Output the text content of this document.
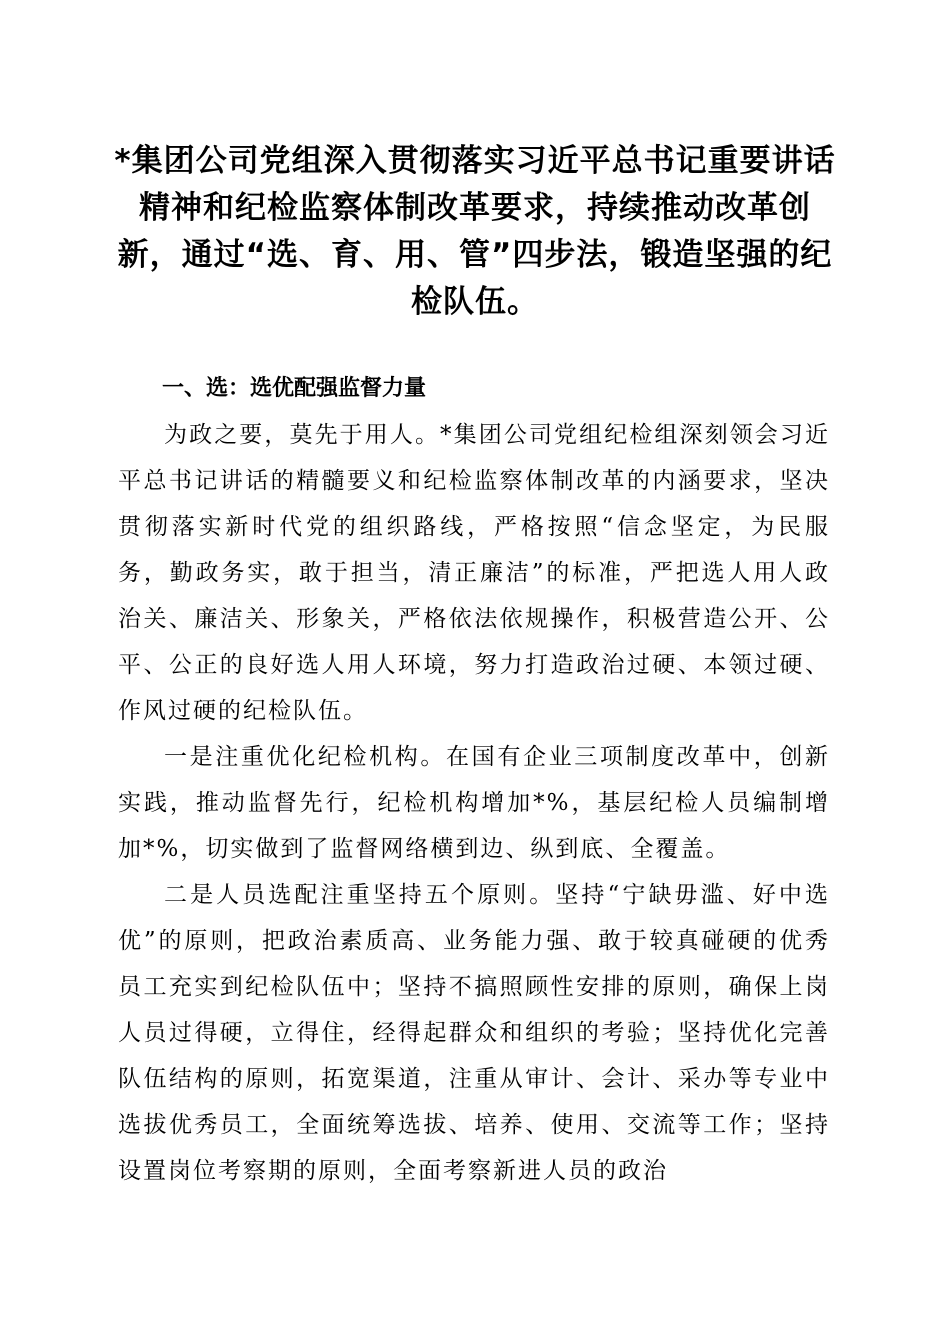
*集团公司党组深入贯彻落实习近平总书记重要讲话精神和纪检监察体制改革要求，持续推动改革创新，通过“选、育、用、管”四步法，锻造坚强的纪检队伍。

一、选：选优配强监督力量

为政之要，莫先于用人。*集团公司党组纪检组深刻领会习近平总书记讲话的精髓要义和纪检监察体制改革的内涵要求，坚决贯彻落实新时代党的组织路线，严格按照“信念坚定，为民服务，勤政务实，敢于担当，清正廉洁”的标准，严把选人用人政治关、廉洁关、形象关，严格依法依规操作，积极营造公开、公平、公正的良好选人用人环境，努力打造政治过硬、本领过硬、作风过硬的纪检队伍。

一是注重优化纪检机构。在国有企业三项制度改革中，创新实践，推动监督先行，纪检机构增加*%，基层纪检人员编制增加*%，切实做到了监督网络横到边、纵到底、全覆盖。

二是人员选配注重坚持五个原则。坚持“宁缺毋滥、好中选优”的原则，把政治素质高、业务能力强、敢于较真碰硬的优秀员工充实到纪检队伍中；坚持不搞照顾性安排的原则，确保上岗人员过得硬，立得住，经得起群众和组织的考验；坚持优化完善队伍结构的原则，拓宽渠道，注重从审计、会计、采办等专业中选拔优秀员工，全面统筹选拔、培养、使用、交流等工作；坚持设置岗位考察期的原则，全面考察新进人员的政治
